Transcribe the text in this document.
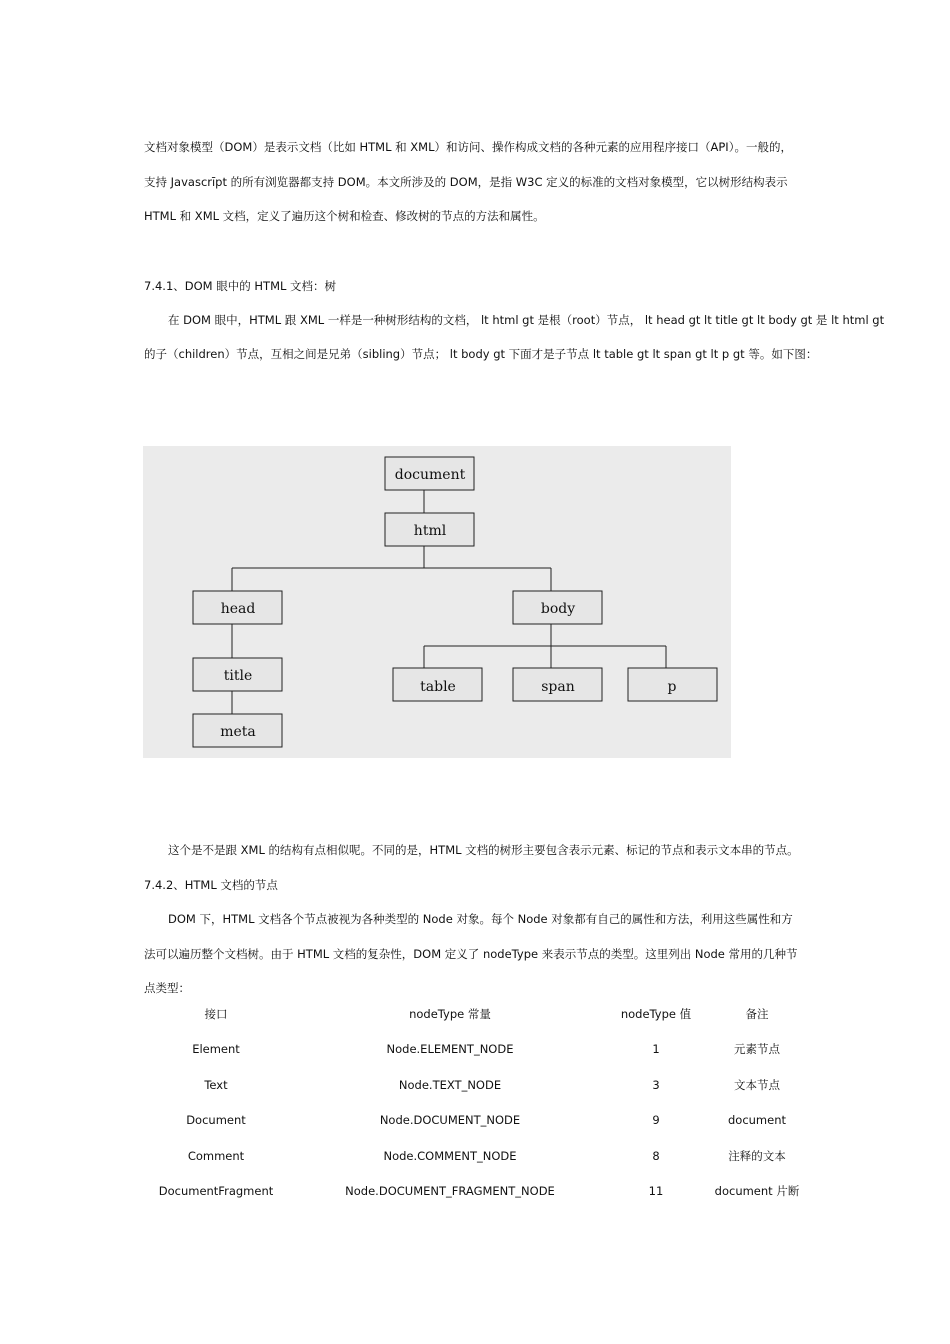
文档对象模型（DOM）是表示文档（比如 HTML 和 XML）和访问、操作构成文档的各种元素的应用程序接口（API）。一般的，
支持 Javascrīpt 的所有浏览器都支持 DOM。本文所涉及的 DOM，是指 W3C 定义的标准的文档对象模型，它以树形结构表示
HTML 和 XML 文档，定义了遍历这个树和检查、修改树的节点的方法和属性。
7.4.1、DOM 眼中的 HTML 文档：树
在 DOM 眼中，HTML 跟 XML 一样是一种树形结构的文档， lt html gt 是根（root）节点， lt head gt lt title gt lt body gt 是 lt html gt
的子（children）节点，互相之间是兄弟（sibling）节点； lt body gt 下面才是子节点 lt table gt lt span gt lt p gt 等。如下图：
document
html
head	body
title
meta
table	span	p
这个是不是跟 XML 的结构有点相似呢。不同的是，HTML 文档的树形主要包含表示元素、标记的节点和表示文本串的节点。
7.4.2、HTML 文档的节点
DOM 下，HTML 文档各个节点被视为各种类型的 Node 对象。每个 Node 对象都有自己的属性和方法，利用这些属性和方
法可以遍历整个文档树。由于 HTML 文档的复杂性，DOM 定义了 nodeType 来表示节点的类型。这里列出 Node 常用的几种节
点类型：
接口	nodeType 常量	nodeType 值	备注
Element	Node.ELEMENT_NODE	1	元素节点
Text	Node.TEXT_NODE	3	文本节点
Document	Node.DOCUMENT_NODE	9	document
Comment	Node.COMMENT_NODE	8	注释的文本
DocumentFragment	Node.DOCUMENT_FRAGMENT_NODE	11	document 片断
